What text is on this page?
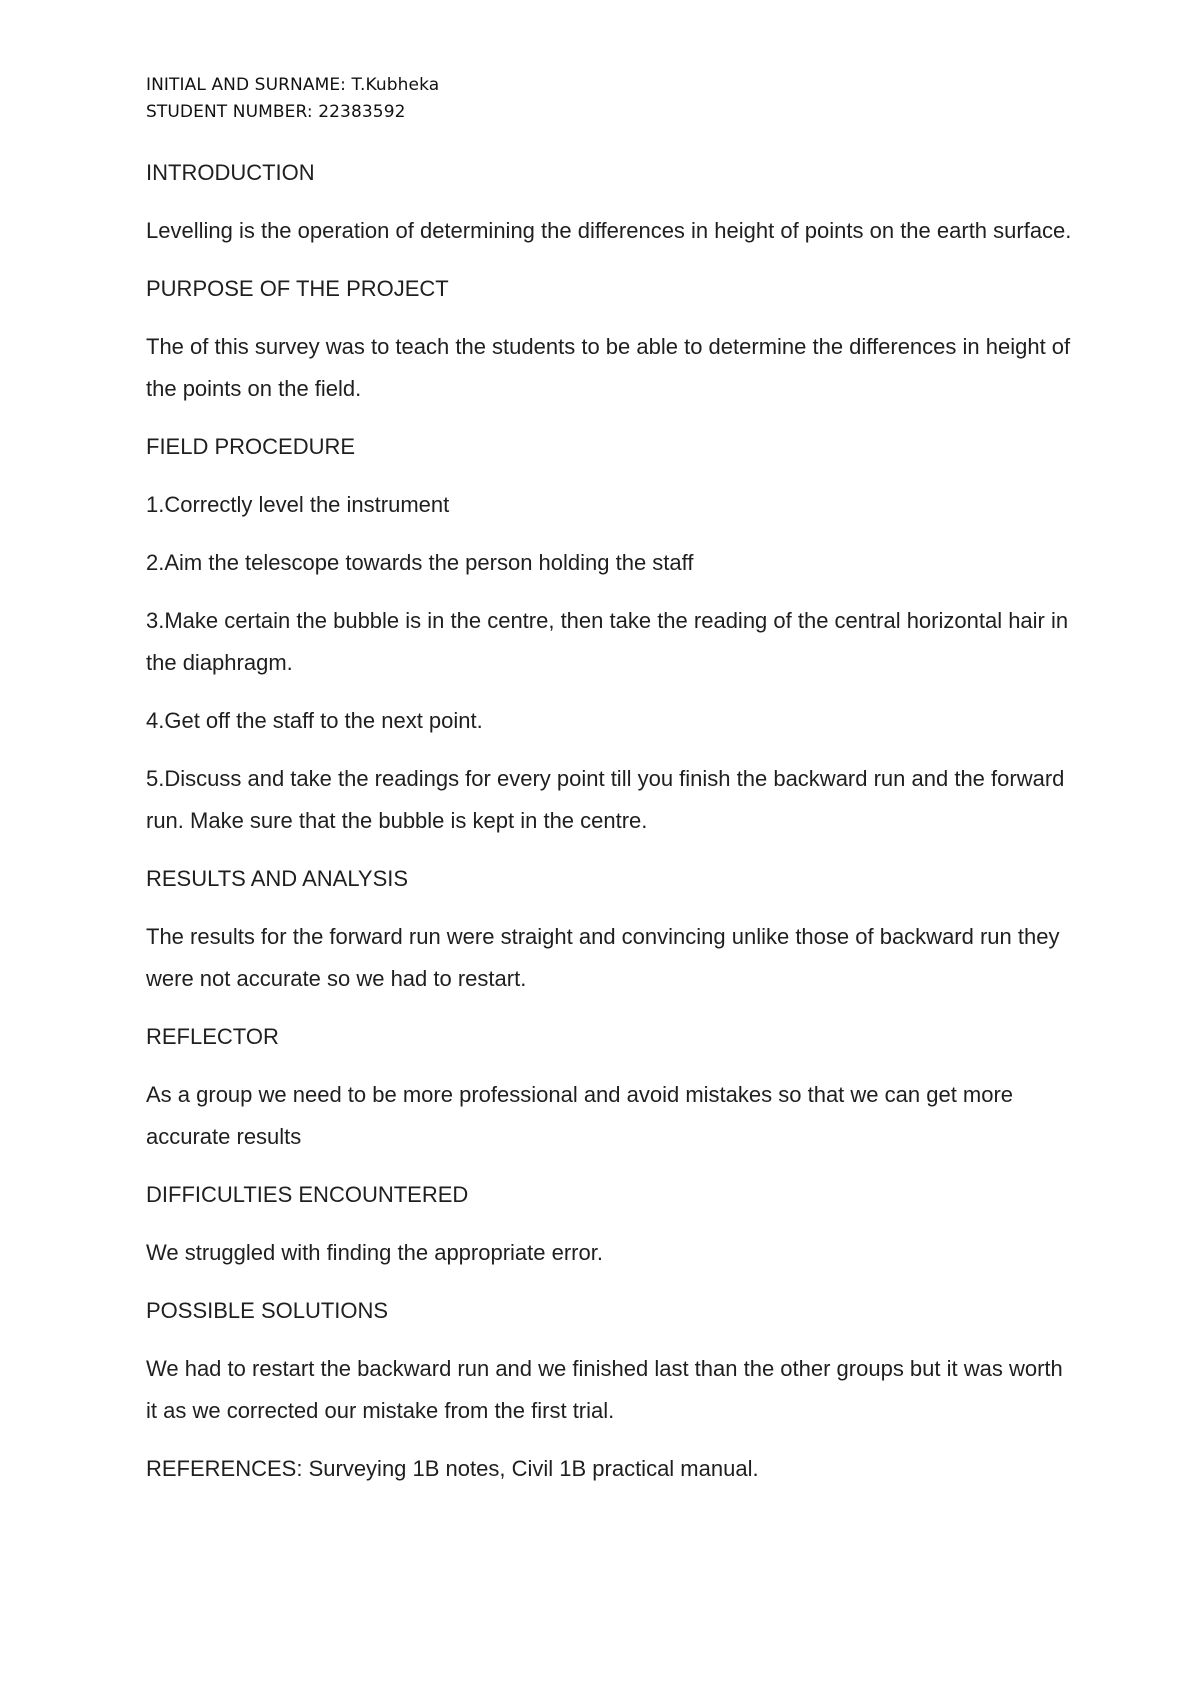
INITIAL AND SURNAME: T.Kubheka
STUDENT NUMBER: 22383592

INTRODUCTION

Levelling is the operation of determining the differences in height of points on the earth surface.

PURPOSE OF THE PROJECT

The of this survey was to teach the students to be able to determine the differences in height of the points on the field.

FIELD PROCEDURE

1.Correctly level the instrument

2.Aim the telescope towards the person holding the staff

3.Make certain the bubble is in the centre, then take the reading of the central horizontal hair in the diaphragm.

4.Get off the staff to the next point.

5.Discuss and take the readings for every point till you finish the backward run and the forward run. Make sure that the bubble is kept in the centre.

RESULTS AND ANALYSIS

The results for the forward run were straight and convincing unlike those of backward run they were not accurate so we had to restart.

REFLECTOR

As a group we need to be more professional and avoid mistakes so that we can get more accurate results

DIFFICULTIES ENCOUNTERED

We struggled with finding the appropriate error.

POSSIBLE SOLUTIONS

We had to restart the backward run and we finished last than the other groups but it was worth it as we corrected our mistake from the first trial.

REFERENCES: Surveying 1B notes, Civil 1B practical manual.
